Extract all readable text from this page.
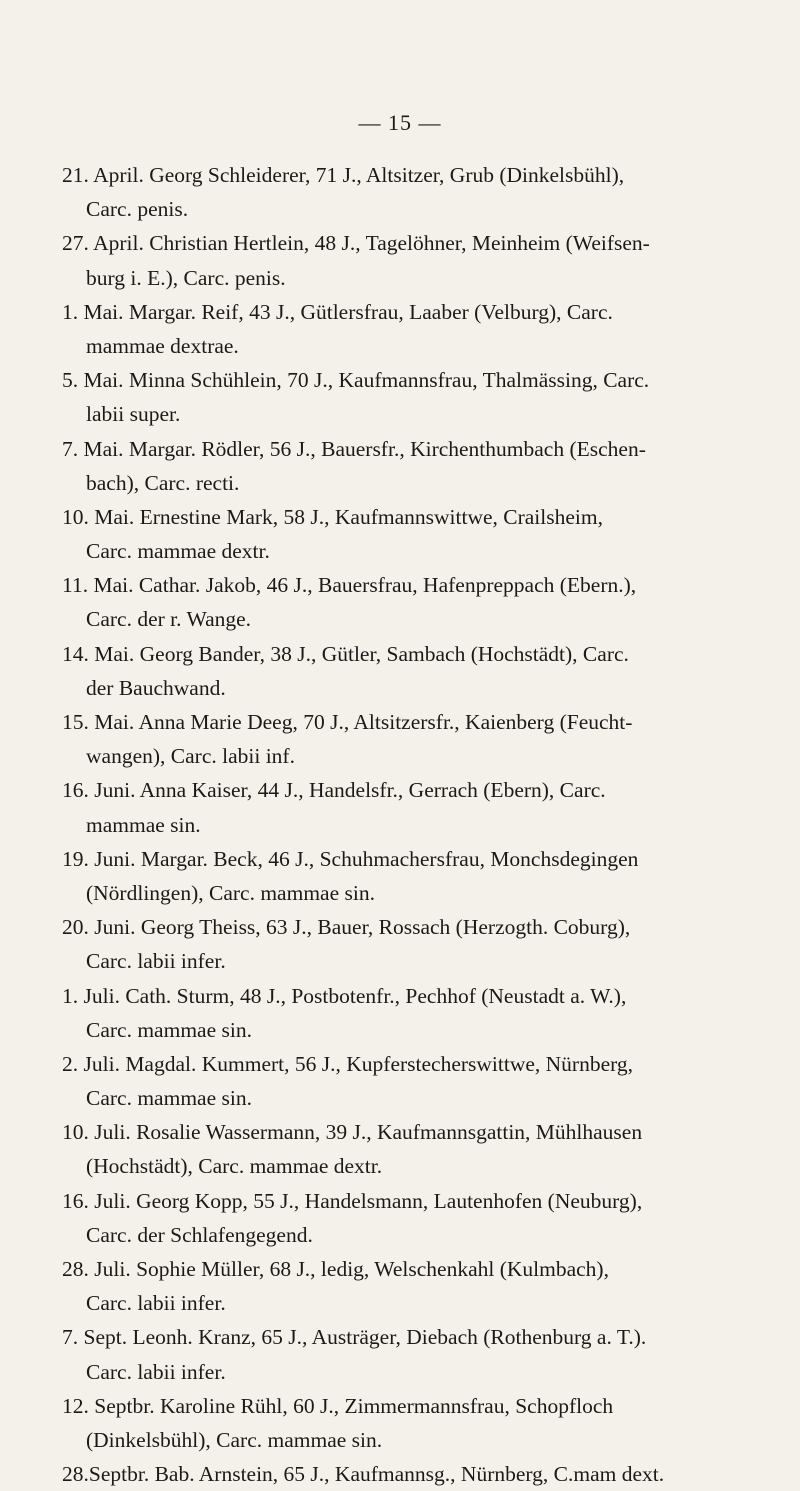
— 15 —
21. April. Georg Schleiderer, 71 J., Altsitzer, Grub (Dinkelsbühl),
Carc. penis.
27. April. Christian Hertlein, 48 J., Tagelöhner, Meinheim (Weifsen-
burg i. E.), Carc. penis.
1. Mai. Margar. Reif, 43 J., Gütlersfrau, Laaber (Velburg), Carc.
mammae dextrae.
5. Mai. Minna Schühlein, 70 J., Kaufmannsfrau, Thalmässing, Carc.
labii super.
7. Mai. Margar. Rödler, 56 J., Bauersfr., Kirchenthumbach (Eschen-
bach), Carc. recti.
10. Mai. Ernestine Mark, 58 J., Kaufmannswittwe, Crailsheim,
Carc. mammae dextr.
11. Mai. Cathar. Jakob, 46 J., Bauersfrau, Hafenpreppach (Ebern.),
Carc. der r. Wange.
14. Mai. Georg Bander, 38 J., Gütler, Sambach (Hochstädt), Carc.
der Bauchwand.
15. Mai. Anna Marie Deeg, 70 J., Altsitzersfr., Kaienberg (Feucht-
wangen), Carc. labii inf.
16. Juni. Anna Kaiser, 44 J., Handelsfr., Gerrach (Ebern), Carc.
mammae sin.
19. Juni. Margar. Beck, 46 J., Schuhmachersfrau, Monchsdegingen
(Nördlingen), Carc. mammae sin.
20. Juni. Georg Theiss, 63 J., Bauer, Rossach (Herzogth. Coburg),
Carc. labii infer.
1. Juli. Cath. Sturm, 48 J., Postbotenfr., Pechhof (Neustadt a. W.),
Carc. mammae sin.
2. Juli. Magdal. Kummert, 56 J., Kupferstecherswittwe, Nürnberg,
Carc. mammae sin.
10. Juli. Rosalie Wassermann, 39 J., Kaufmannsgattin, Mühlhausen
(Hochstädt), Carc. mammae dextr.
16. Juli. Georg Kopp, 55 J., Handelsmann, Lautenhofen (Neuburg),
Carc. der Schlafengegend.
28. Juli. Sophie Müller, 68 J., ledig, Welschenkahl (Kulmbach),
Carc. labii infer.
7. Sept. Leonh. Kranz, 65 J., Austräger, Diebach (Rothenburg a. T.).
Carc. labii infer.
12. Septbr. Karoline Rühl, 60 J., Zimmermannsfrau, Schopfloch
(Dinkelsbühl), Carc. mammae sin.
28.Septbr. Bab. Arnstein, 65 J., Kaufmannsg., Nürnberg, C.mam dext.
